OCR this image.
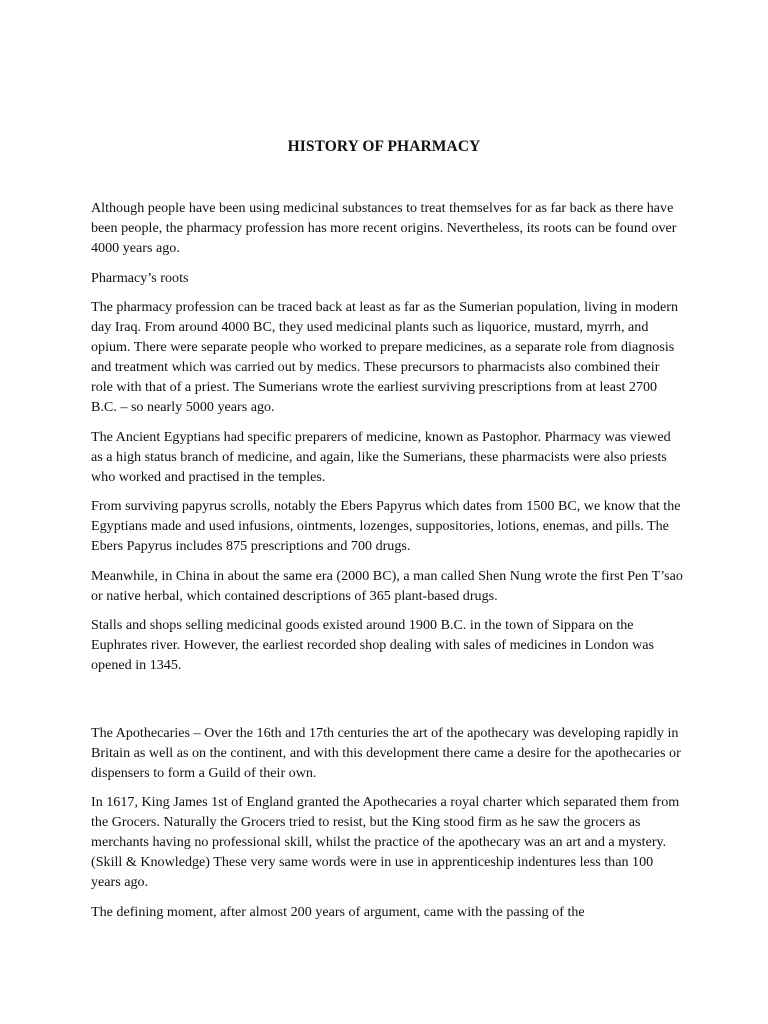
HISTORY OF PHARMACY

Although people have been using medicinal substances to treat themselves for as far back as there have been people, the pharmacy profession has more recent origins. Nevertheless, its roots can be found over 4000 years ago.

Pharmacy’s roots

The pharmacy profession can be traced back at least as far as the Sumerian population, living in modern day Iraq. From around 4000 BC, they used medicinal plants such as liquorice, mustard, myrrh, and opium. There were separate people who worked to prepare medicines, as a separate role from diagnosis and treatment which was carried out by medics. These precursors to pharmacists also combined their role with that of a priest. The Sumerians wrote the earliest surviving prescriptions from at least 2700 B.C. – so nearly 5000 years ago.

The Ancient Egyptians had specific preparers of medicine, known as Pastophor. Pharmacy was viewed as a high status branch of medicine, and again, like the Sumerians, these pharmacists were also priests who worked and practised in the temples.

From surviving papyrus scrolls, notably the Ebers Papyrus which dates from 1500 BC, we know that the Egyptians made and used infusions, ointments, lozenges, suppositories, lotions, enemas, and pills. The Ebers Papyrus includes 875 prescriptions and 700 drugs.

Meanwhile, in China in about the same era (2000 BC), a man called Shen Nung wrote the first Pen T’sao or native herbal, which contained descriptions of 365 plant-based drugs.

Stalls and shops selling medicinal goods existed around 1900 B.C. in the town of Sippara on the Euphrates river. However, the earliest recorded shop dealing with sales of medicines in London was opened in 1345.

The Apothecaries – Over the 16th and 17th centuries the art of the apothecary was developing rapidly in Britain as well as on the continent, and with this development there came a desire for the apothecaries or dispensers to form a Guild of their own.

In 1617, King James 1st of England granted the Apothecaries a royal charter which separated them from the Grocers. Naturally the Grocers tried to resist, but the King stood firm as he saw the grocers as merchants having no professional skill, whilst the practice of the apothecary was an art and a mystery. (Skill & Knowledge) These very same words were in use in apprenticeship indentures less than 100 years ago.

The defining moment, after almost 200 years of argument, came with the passing of the
